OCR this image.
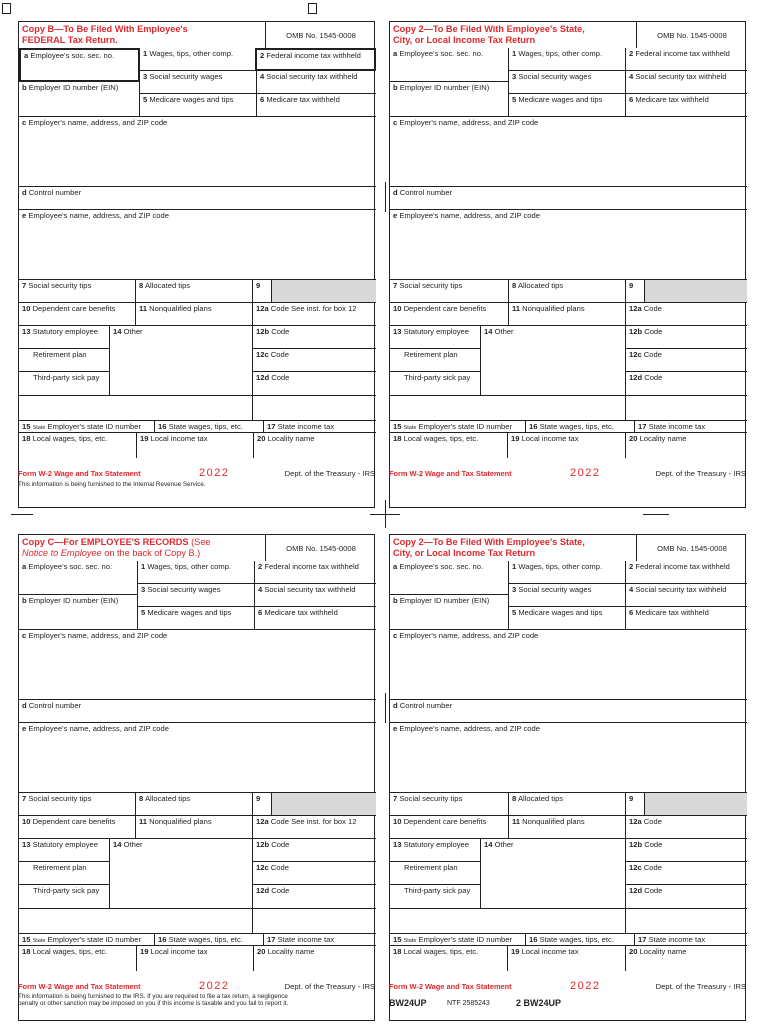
Copy B—To Be Filed With Employee's
FEDERAL Tax Return.	OMB No. 1545-0008
a Employee's soc. sec. no.	1 Wages, tips, other comp.	2 Federal income tax withheld
3 Social security wages	4 Social security tax withheld
b Employer ID number (EIN)
5 Medicare wages and tips	6 Medicare tax withheld
c Employer's name, address, and ZIP code
d Control number
e Employee's name, address, and ZIP code
7 Social security tips	8 Allocated tips	9
10 Dependent care benefits	11 Nonqualified plans	12a Code See inst. for box 12
13 Statutory employee	14 Other	12b Code
Retirement plan	12c Code
Third-party sick pay	12d Code
15 State Employer's state ID number	16 State wages, tips, etc.	17 State income tax
18 Local wages, tips, etc.	19 Local income tax	20 Locality name
Form W-2 Wage and Tax Statement	2022	Dept. of the Treasury - IRS
This information is being furnished to the Internal Revenue Service.
Copy 2—To Be Filed With Employee's State,
City, or Local Income Tax Return	OMB No. 1545-0008
a Employee's soc. sec. no.	1 Wages, tips, other comp.	2 Federal income tax withheld
3 Social security wages	4 Social security tax withheld
b Employer ID number (EIN)
5 Medicare wages and tips	6 Medicare tax withheld
c Employer's name, address, and ZIP code
d Control number
e Employee's name, address, and ZIP code
7 Social security tips	8 Allocated tips	9
10 Dependent care benefits	11 Nonqualified plans	12a Code
13 Statutory employee	14 Other	12b Code
Retirement plan	12c Code
Third-party sick pay	12d Code
15 State Employer's state ID number	16 State wages, tips, etc.	17 State income tax
18 Local wages, tips, etc.	19 Local income tax	20 Locality name
Form W-2 Wage and Tax Statement	2022	Dept. of the Treasury - IRS
Copy C—For EMPLOYEE'S RECORDS (See
Notice to Employee on the back of Copy B.)	OMB No. 1545-0008
a Employee's soc. sec. no.	1 Wages, tips, other comp.	2 Federal income tax withheld
3 Social security wages	4 Social security tax withheld
b Employer ID number (EIN)
5 Medicare wages and tips	6 Medicare tax withheld
c Employer's name, address, and ZIP code
d Control number
e Employee's name, address, and ZIP code
7 Social security tips	8 Allocated tips	9
10 Dependent care benefits	11 Nonqualified plans	12a Code See inst. for box 12
13 Statutory employee	14 Other	12b Code
Retirement plan	12c Code
Third-party sick pay	12d Code
15 State Employer's state ID number	16 State wages, tips, etc.	17 State income tax
18 Local wages, tips, etc.	19 Local income tax	20 Locality name
Form W-2 Wage and Tax Statement	2022	Dept. of the Treasury - IRS
This information is being furnished to the IRS. If you are required to file a tax return, a negligence
penalty or other sanction may be imposed on you if this income is taxable and you fail to report it.
Copy 2—To Be Filed With Employee's State,
City, or Local Income Tax Return	OMB No. 1545-0008
a Employee's soc. sec. no.	1 Wages, tips, other comp.	2 Federal income tax withheld
3 Social security wages	4 Social security tax withheld
b Employer ID number (EIN)
5 Medicare wages and tips	6 Medicare tax withheld
c Employer's name, address, and ZIP code
d Control number
e Employee's name, address, and ZIP code
7 Social security tips	8 Allocated tips	9
10 Dependent care benefits	11 Nonqualified plans	12a Code
13 Statutory employee	14 Other	12b Code
Retirement plan	12c Code
Third-party sick pay	12d Code
15 State Employer's state ID number	16 State wages, tips, etc.	17 State income tax
18 Local wages, tips, etc.	19 Local income tax	20 Locality name
Form W-2 Wage and Tax Statement	2022	Dept. of the Treasury - IRS
BW24UP	NTF 2585243	2 BW24UP
